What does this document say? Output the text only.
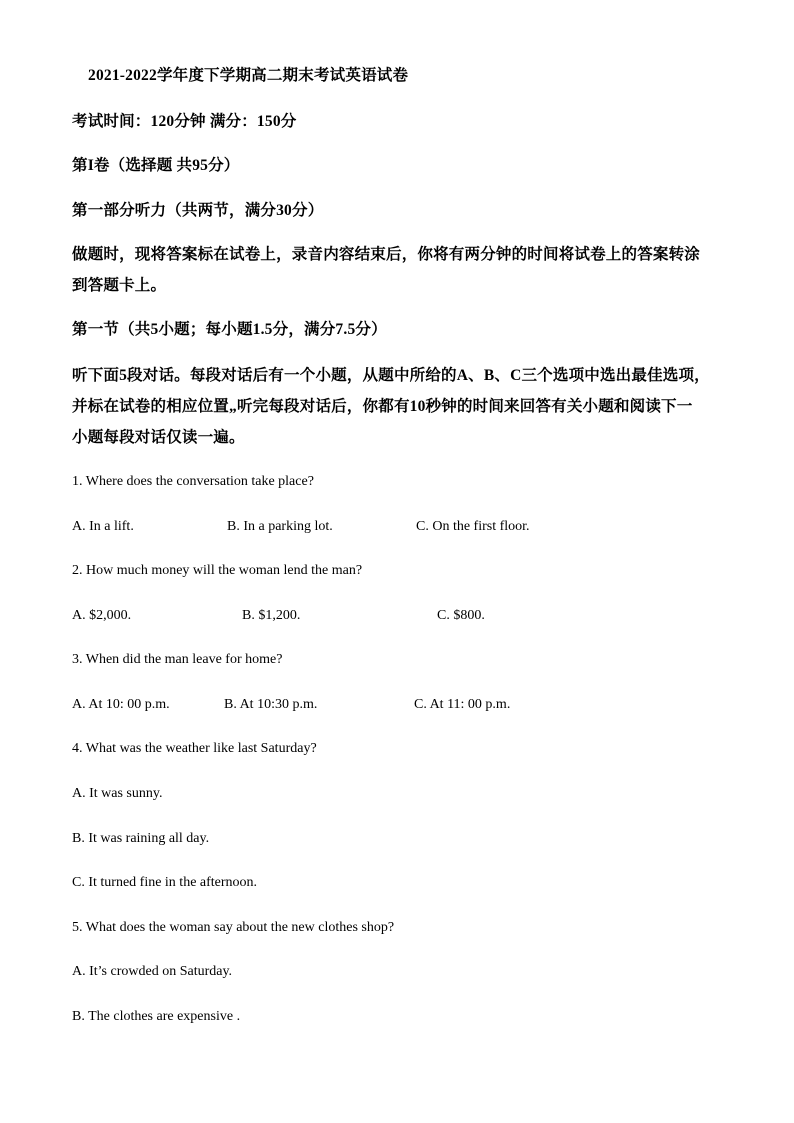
2021-2022学年度下学期高二期末考试英语试卷
考试时间：120分钟 满分：150分
第I卷（选择题 共95分）
第一部分听力（共两节，满分30分）
做题时，现将答案标在试卷上，录音内容结束后，你将有两分钟的时间将试卷上的答案转涂
到答题卡上。
第一节（共5小题；每小题1.5分，满分7.5分）
听下面5段对话。每段对话后有一个小题，从题中所给的A、B、C三个选项中选出最佳选项，
并标在试卷的相应位置„听完每段对话后，你都有10秒钟的时间来回答有关小题和阅读下一
小题每段对话仅读一遍。
1. Where does the conversation take place?
A. In a lift.	B. In a parking lot.	C. On the first floor.
2. How much money will the woman lend the man?
A. $2,000.	B. $1,200.	C. $800.
3. When did the man leave for home?
A. At 10: 00 p.m.	B. At 10:30 p.m.	C. At 11: 00 p.m.
4. What was the weather like last Saturday?
A. It was sunny.
B. It was raining all day.
C. It turned fine in the afternoon.
5. What does the woman say about the new clothes shop?
A. It’s crowded on Saturday.
B. The clothes are expensive .
